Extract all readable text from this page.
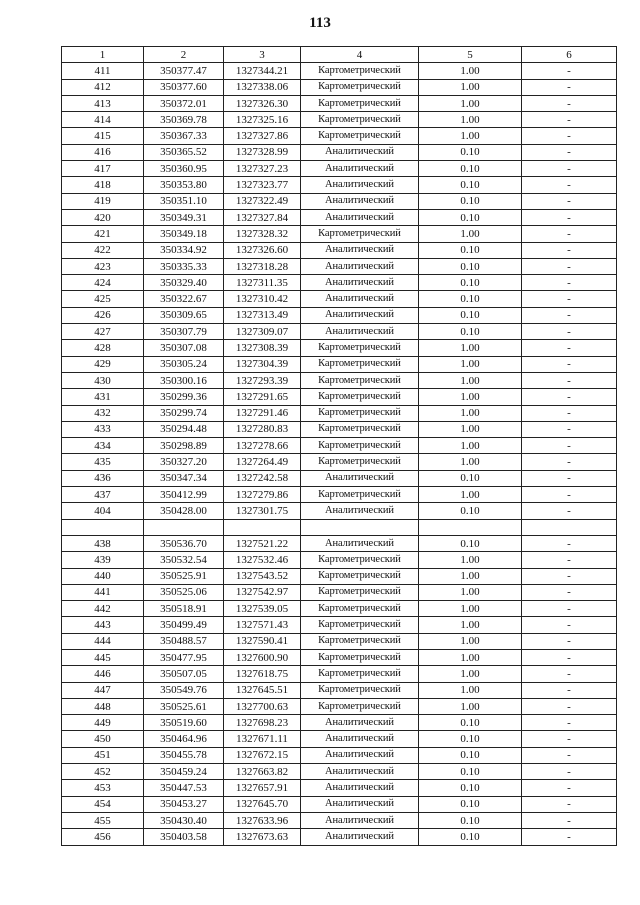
113
1	2	3	4	5	6
411	350377.47	1327344.21	Картометрический	1.00	-
412	350377.60	1327338.06	Картометрический	1.00	-
413	350372.01	1327326.30	Картометрический	1.00	-
414	350369.78	1327325.16	Картометрический	1.00	-
415	350367.33	1327327.86	Картометрический	1.00	-
416	350365.52	1327328.99	Аналитический	0.10	-
417	350360.95	1327327.23	Аналитический	0.10	-
418	350353.80	1327323.77	Аналитический	0.10	-
419	350351.10	1327322.49	Аналитический	0.10	-
420	350349.31	1327327.84	Аналитический	0.10	-
421	350349.18	1327328.32	Картометрический	1.00	-
422	350334.92	1327326.60	Аналитический	0.10	-
423	350335.33	1327318.28	Аналитический	0.10	-
424	350329.40	1327311.35	Аналитический	0.10	-
425	350322.67	1327310.42	Аналитический	0.10	-
426	350309.65	1327313.49	Аналитический	0.10	-
427	350307.79	1327309.07	Аналитический	0.10	-
428	350307.08	1327308.39	Картометрический	1.00	-
429	350305.24	1327304.39	Картометрический	1.00	-
430	350300.16	1327293.39	Картометрический	1.00	-
431	350299.36	1327291.65	Картометрический	1.00	-
432	350299.74	1327291.46	Картометрический	1.00	-
433	350294.48	1327280.83	Картометрический	1.00	-
434	350298.89	1327278.66	Картометрический	1.00	-
435	350327.20	1327264.49	Картометрический	1.00	-
436	350347.34	1327242.58	Аналитический	0.10	-
437	350412.99	1327279.86	Картометрический	1.00	-
404	350428.00	1327301.75	Аналитический	0.10	-

438	350536.70	1327521.22	Аналитический	0.10	-
439	350532.54	1327532.46	Картометрический	1.00	-
440	350525.91	1327543.52	Картометрический	1.00	-
441	350525.06	1327542.97	Картометрический	1.00	-
442	350518.91	1327539.05	Картометрический	1.00	-
443	350499.49	1327571.43	Картометрический	1.00	-
444	350488.57	1327590.41	Картометрический	1.00	-
445	350477.95	1327600.90	Картометрический	1.00	-
446	350507.05	1327618.75	Картометрический	1.00	-
447	350549.76	1327645.51	Картометрический	1.00	-
448	350525.61	1327700.63	Картометрический	1.00	-
449	350519.60	1327698.23	Аналитический	0.10	-
450	350464.96	1327671.11	Аналитический	0.10	-
451	350455.78	1327672.15	Аналитический	0.10	-
452	350459.24	1327663.82	Аналитический	0.10	-
453	350447.53	1327657.91	Аналитический	0.10	-
454	350453.27	1327645.70	Аналитический	0.10	-
455	350430.40	1327633.96	Аналитический	0.10	-
456	350403.58	1327673.63	Аналитический	0.10	-
